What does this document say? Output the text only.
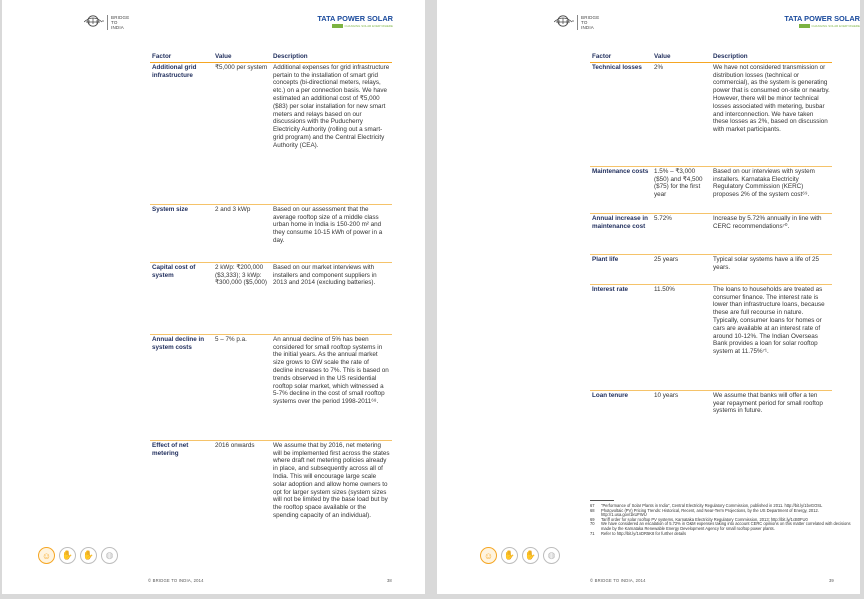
BRIDGE
TO
INDIA
TATA POWER SOLAR
CHANGING SOLAR EVERYWHERE
Factor	Value	Description
Additional grid infrastructure	₹5,000 per system	Additional expenses for grid infrastructure pertain to the installation of smart grid concepts (bi-directional meters, relays, etc.) on a per connection basis. We have estimated an additional cost of ₹5,000 ($83) per solar installation for new smart meters and relays based on our discussions with the Puducherry Electricity Authority (rolling out a smart-grid program) and the Central Electricity Authority (CEA).
System size	2 and 3 kWp	Based on our assessment that the average rooftop size of a middle class urban home in India is 150-200 m² and they consume 10-15 kWh of power in a day.
Capital cost of system	2 kWp: ₹200,000 ($3,333); 3 kWp: ₹300,000 ($5,000)	Based on our market interviews with installers and component suppliers in 2013 and 2014 (excluding batteries).
Annual decline in system costs	5 – 7% p.a.	An annual decline of 5% has been considered for small rooftop systems in the initial years. As the annual market size grows to GW scale the rate of decline increases to 7%. This is based on trends observed in the US residential rooftop solar market, which witnessed a 5-7% decline in the cost of small rooftop systems over the period 1998-2011⁶⁸.
Effect of net metering	2016 onwards	We assume that by 2016, net metering will be implemented first across the states where draft net metering policies already in place, and subsequently across all of India. This will encourage large scale solar adoption and allow home owners to opt for larger system sizes (system sizes will not be limited by the base load but by the rooftop space available or the spending capacity of an individual).
☺	✋	✋	◍
© BRIDGE TO INDIA, 2014	38
BRIDGE
TO
INDIA
TATA POWER SOLAR
CHANGING SOLAR EVERYWHERE
Factor	Value	Description
Technical losses	2%	We have not considered transmission or distribution losses (technical or commercial), as the system is generating power that is consumed on-site or nearby. However, there will be minor technical losses associated with metering, busbar and interconnection. We have taken these losses as 2%, based on discussion with market participants.
Maintenance costs	1.5% – ₹3,000 ($50) and ₹4,500 ($75) for the first year	Based on our interviews with system installers. Karnataka Electricity Regulatory Commission (KERC) proposes 2% of the system cost⁶⁹.
Annual increase in maintenance cost	5.72%	Increase by 5.72% annually in line with CERC recommendations⁷⁰.
Plant life	25 years	Typical solar systems have a life of 25 years.
Interest rate	11.50%	The loans to households are treated as consumer finance. The interest rate is lower than infrastructure loans, because these are full recourse in nature. Typically, consumer loans for homes or cars are available at an interest rate of around 10-12%. The Indian Overseas Bank provides a loan for solar rooftop system at 11.75%⁷¹.
Loan tenure	10 years	We assume that banks will offer a ten year repayment period for small rooftop systems in future.
67	"Performance of Solar Plants in India", Central Electricity Regulatory Commission, published in 2011. http://bit.ly/1bvGOSL
68	Photovoltaic (PV) Pricing Trends: Historical, Recent, and Near-Term Projections, by the US Department of Energy, 2012. http://1.usa.gov/1kUFWU
69	Tariff order for solar rooftop PV systems, Karnataka Electricity Regulatory Commission, 2013; http://bit.ly/1cB0FU0
70	We have considered an escalation of 5.72% in O&M expenses taking into account CERC opinions on this matter correlated with decisions made by the Karnataka Renewable Energy Development Agency for small rooftop power plants.
71	Refer to http://bit.ly/1nDR5K8 for further details
☺	✋	✋	◍
© BRIDGE TO INDIA, 2014	39
